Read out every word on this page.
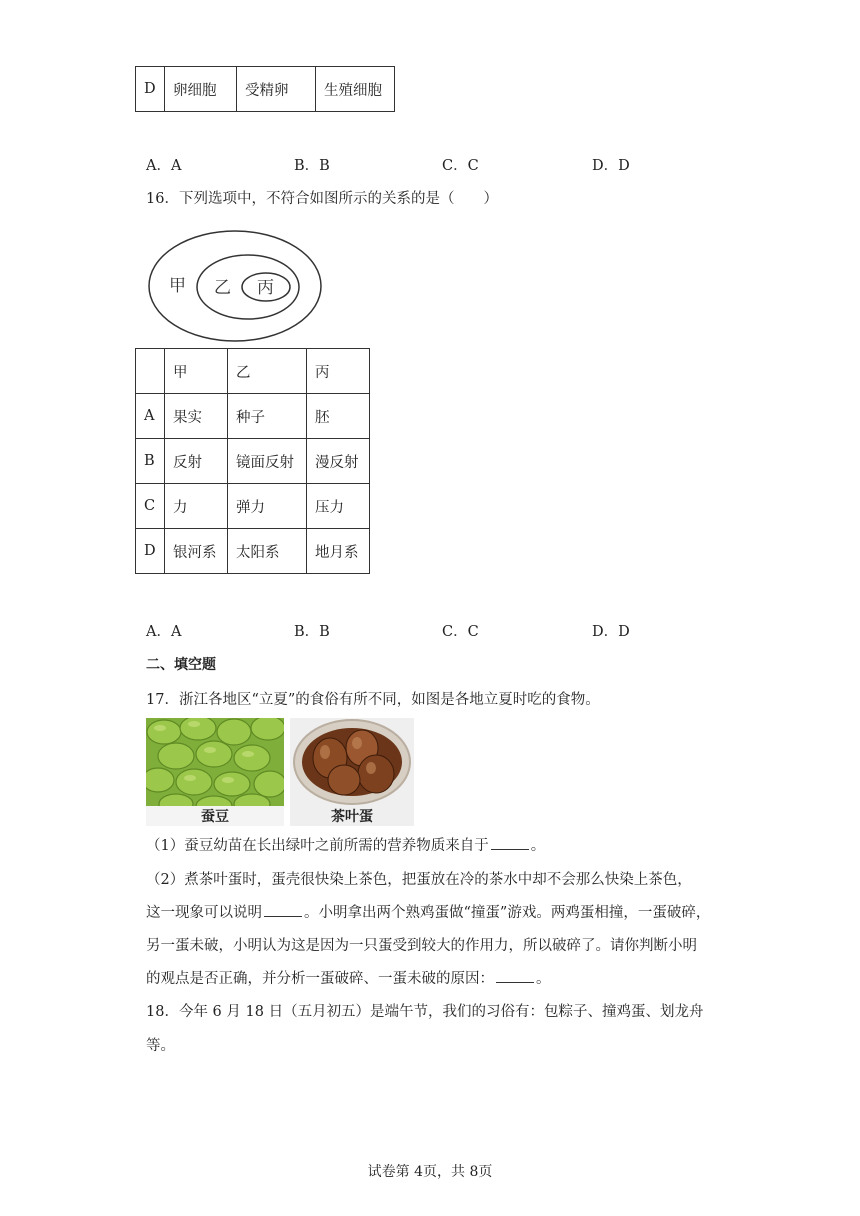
D	卵细胞	受精卵	生殖细胞
A．A	B．B	C．C	D．D
16．下列选项中，不符合如图所示的关系的是（　　）
甲 乙 丙
	甲	乙	丙
A	果实	种子	胚
B	反射	镜面反射	漫反射
C	力	弹力	压力
D	银河系	太阳系	地月系
A．A	B．B	C．C	D．D
二、填空题
17．浙江各地区“立夏”的食俗有所不同，如图是各地立夏时吃的食物。
蚕豆	茶叶蛋
（1）蚕豆幼苗在长出绿叶之前所需的营养物质来自于	。
（2）煮茶叶蛋时，蛋壳很快染上茶色，把蛋放在冷的茶水中却不会那么快染上茶色，
这一现象可以说明	。小明拿出两个熟鸡蛋做“撞蛋”游戏。两鸡蛋相撞，一蛋破碎，
另一蛋未破，小明认为这是因为一只蛋受到较大的作用力，所以破碎了。请你判断小明
的观点是否正确，并分析一蛋破碎、一蛋未破的原因：	。
18．今年 6 月 18 日（五月初五）是端午节，我们的习俗有：包粽子、撞鸡蛋、划龙舟
等。
试卷第 4页，共 8页
